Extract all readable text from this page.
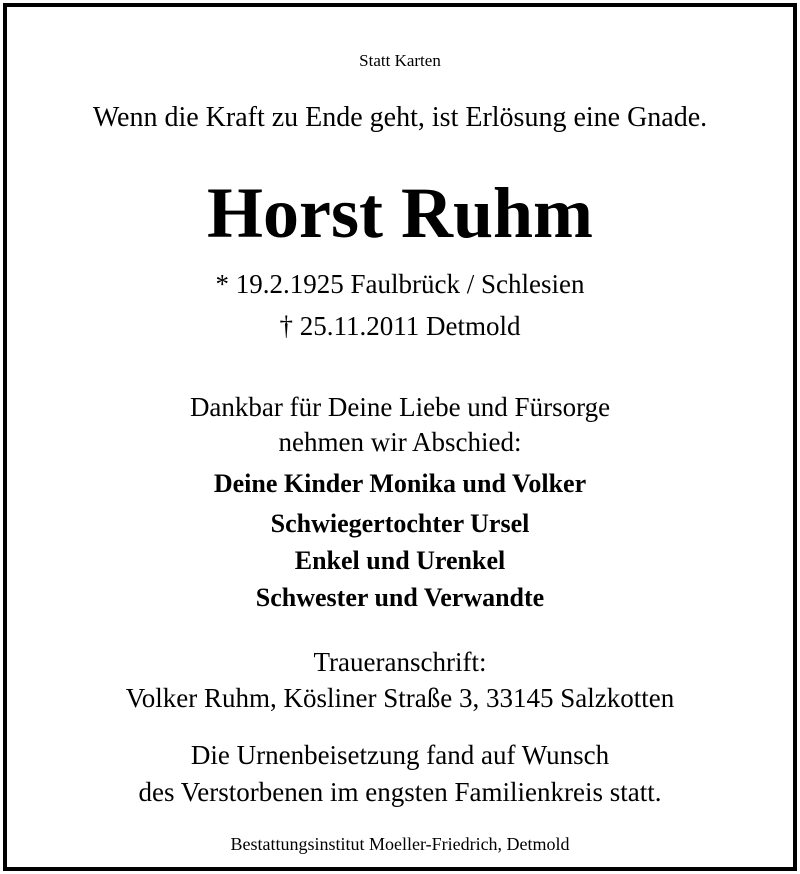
Statt Karten
Wenn die Kraft zu Ende geht, ist Erlösung eine Gnade.
Horst Ruhm
* 19.2.1925 Faulbrück / Schlesien
† 25.11.2011 Detmold
Dankbar für Deine Liebe und Fürsorge
nehmen wir Abschied:
Deine Kinder Monika und Volker
Schwiegertochter Ursel
Enkel und Urenkel
Schwester und Verwandte
Traueranschrift:
Volker Ruhm, Kösliner Straße 3, 33145 Salzkotten
Die Urnenbeisetzung fand auf Wunsch
des Verstorbenen im engsten Familienkreis statt.
Bestattungsinstitut Moeller-Friedrich, Detmold
